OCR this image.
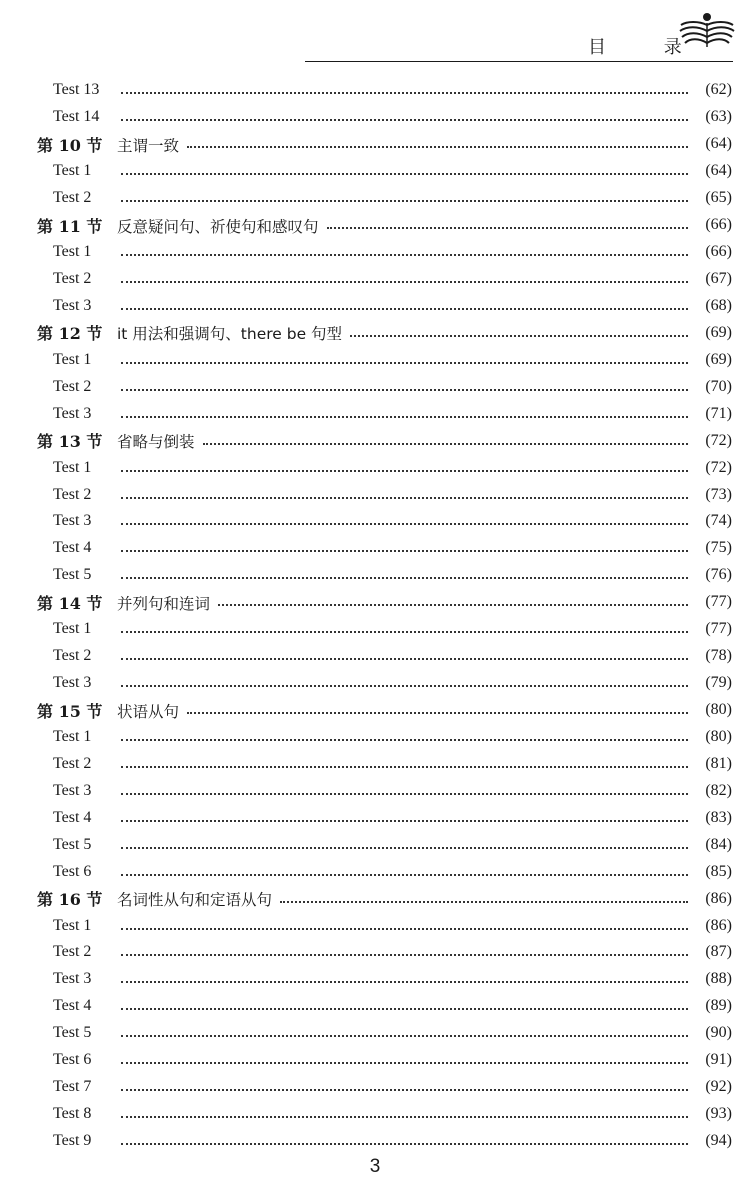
目 录
Test 13	(62)
Test 14	(63)
第 10 节 主谓一致	(64)
Test 1	(64)
Test 2	(65)
第 11 节 反意疑问句、祈使句和感叹句	(66)
Test 1	(66)
Test 2	(67)
Test 3	(68)
第 12 节 it 用法和强调句、there be 句型	(69)
Test 1	(69)
Test 2	(70)
Test 3	(71)
第 13 节 省略与倒装	(72)
Test 1	(72)
Test 2	(73)
Test 3	(74)
Test 4	(75)
Test 5	(76)
第 14 节 并列句和连词	(77)
Test 1	(77)
Test 2	(78)
Test 3	(79)
第 15 节 状语从句	(80)
Test 1	(80)
Test 2	(81)
Test 3	(82)
Test 4	(83)
Test 5	(84)
Test 6	(85)
第 16 节 名词性从句和定语从句	(86)
Test 1	(86)
Test 2	(87)
Test 3	(88)
Test 4	(89)
Test 5	(90)
Test 6	(91)
Test 7	(92)
Test 8	(93)
Test 9	(94)
3
